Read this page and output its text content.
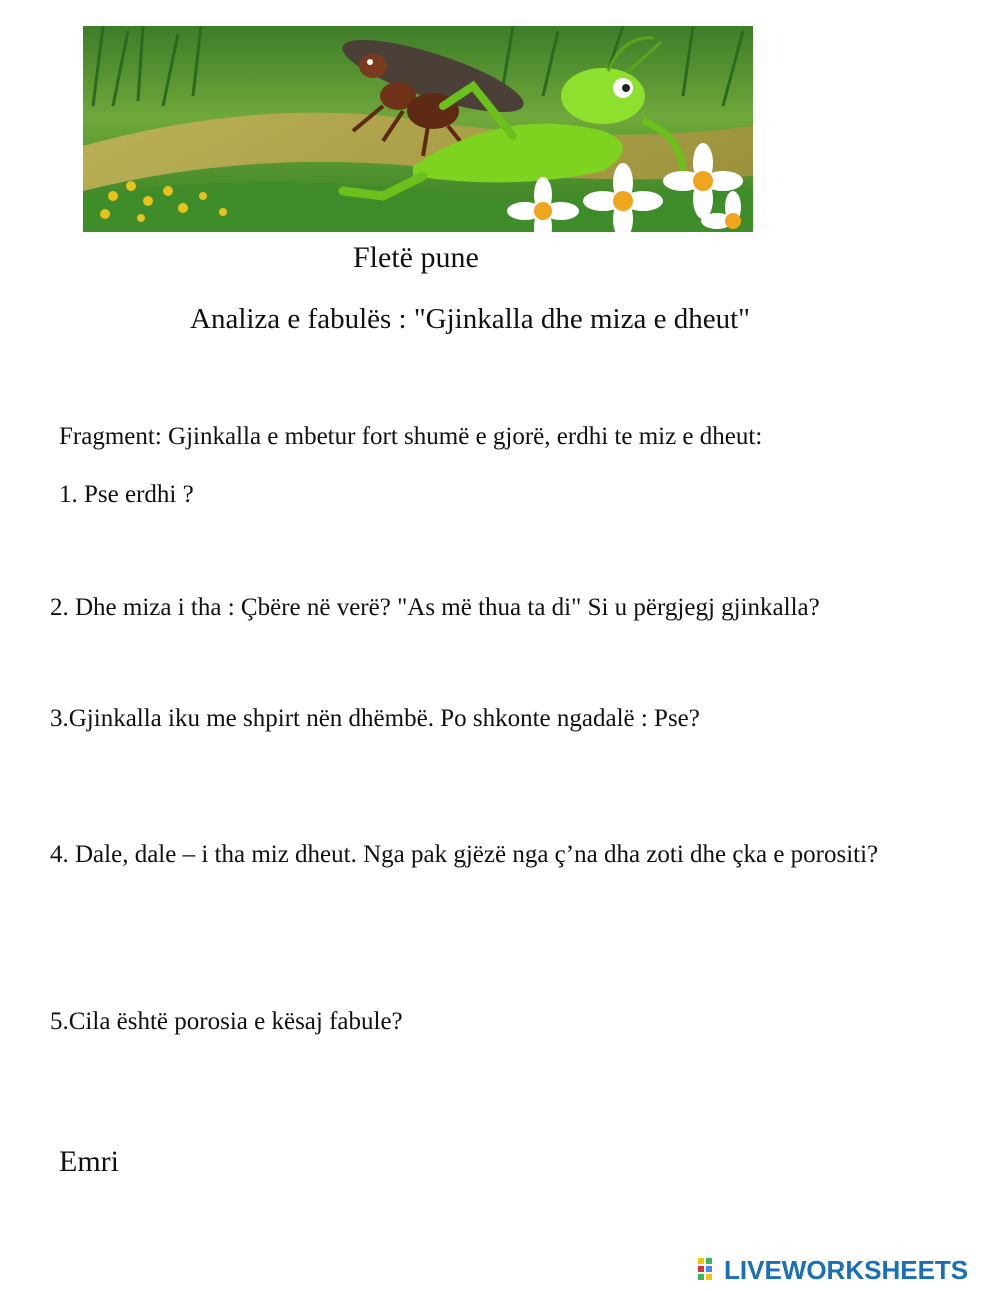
Fletë pune
Analiza e fabulës : "Gjinkalla dhe miza e dheut"
Fragment: Gjinkalla e mbetur fort shumë e gjorë, erdhi te miz e dheut:
1. Pse erdhi ?
2. Dhe miza i tha : Çbëre në verë? "As më thua ta di" Si u përgjegj gjinkalla?
3.Gjinkalla iku me shpirt nën dhëmbë. Po shkonte ngadalë : Pse?
4. Dale, dale – i tha miz dheut. Nga pak gjëzë nga ç’na dha zoti dhe çka e porositi?
5.Cila është porosia e kësaj fabule?
Emri
LIVEWORKSHEETS
